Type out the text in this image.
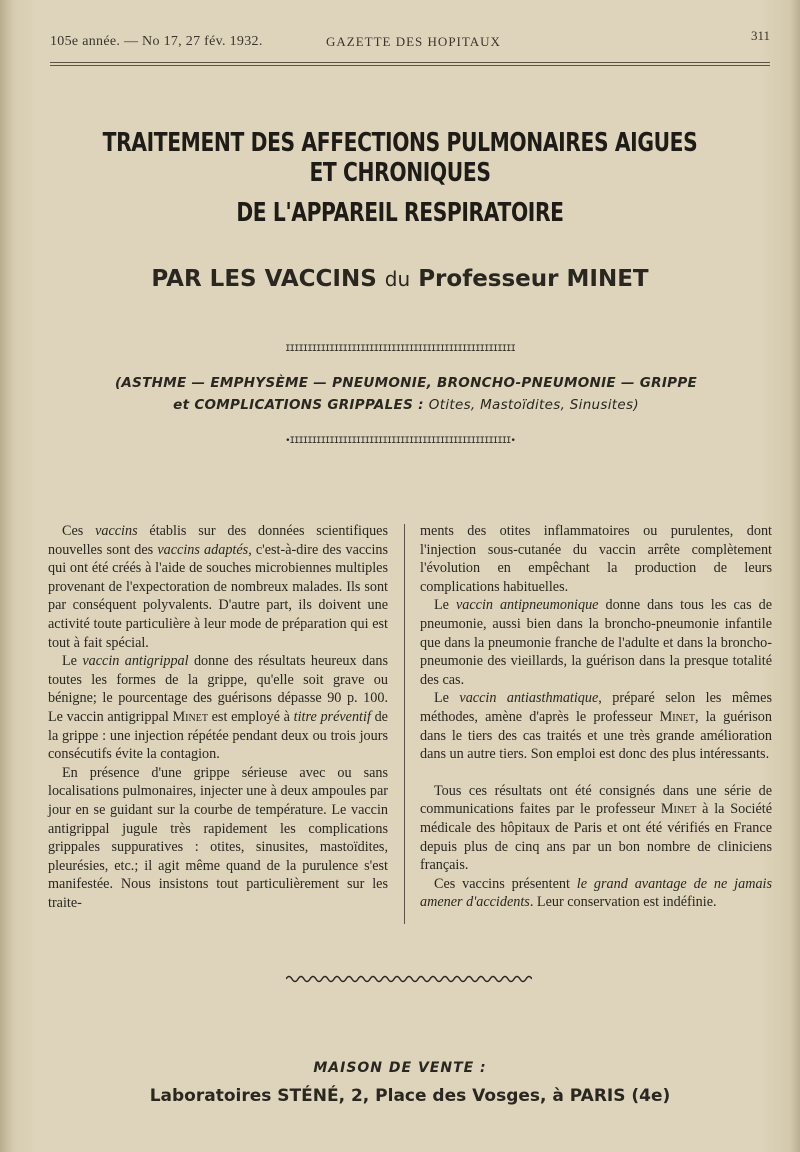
105e année. — No 17, 27 fév. 1932.	GAZETTE DES HOPITAUX	311
TRAITEMENT DES AFFECTIONS PULMONAIRES AIGUES ET CHRONIQUES
DE L'APPAREIL RESPIRATOIRE
PAR LES VACCINS du Professeur MINET
IIIIIIIIIIIIIIIIIIIIIIIIIIIIIIIIIIIIIIIIIIIIIIIIIIII
(ASTHME — EMPHYSÈME — PNEUMONIE, BRONCHO-PNEUMONIE — GRIPPE
et COMPLICATIONS GRIPPALES : Otites, Mastoïdites, Sinusites)
•IIIIIIIIIIIIIIIIIIIIIIIIIIIIIIIIIIIIIIIIIIIIIIIIII•

Ces vaccins établis sur des données scientifiques nouvelles sont des vaccins adaptés, c'est-à-dire des vaccins qui ont été créés à l'aide de souches microbiennes multiples provenant de l'expectoration de nombreux malades. Ils sont par conséquent polyvalents. D'autre part, ils doivent une activité toute particulière à leur mode de préparation qui est tout à fait spécial.

Le vaccin antigrippal donne des résultats heureux dans toutes les formes de la grippe, qu'elle soit grave ou bénigne; le pourcentage des guérisons dépasse 90 p. 100. Le vaccin antigrippal Minet est employé à titre préventif de la grippe : une injection répétée pendant deux ou trois jours consécutifs évite la contagion.

En présence d'une grippe sérieuse avec ou sans localisations pulmonaires, injecter une à deux ampoules par jour en se guidant sur la courbe de température. Le vaccin antigrippal jugule très rapidement les complications grippales suppuratives : otites, sinusites, mastoïdites, pleurésies, etc.; il agit même quand de la purulence s'est manifestée. Nous insistons tout particulièrement sur les traite-

ments des otites inflammatoires ou purulentes, dont l'injection sous-cutanée du vaccin arrête complètement l'évolution en empêchant la production de leurs complications habituelles.

Le vaccin antipneumonique donne dans tous les cas de pneumonie, aussi bien dans la broncho-pneumonie infantile que dans la pneumonie franche de l'adulte et dans la broncho-pneumonie des vieillards, la guérison dans la presque totalité des cas.

Le vaccin antiasthmatique, préparé selon les mêmes méthodes, amène d'après le professeur Minet, la guérison dans le tiers des cas traités et une très grande amélioration dans un autre tiers. Son emploi est donc des plus intéressants.

Tous ces résultats ont été consignés dans une série de communications faites par le professeur Minet à la Société médicale des hôpitaux de Paris et ont été vérifiés en France depuis plus de cinq ans par un bon nombre de cliniciens français.

Ces vaccins présentent le grand avantage de ne jamais amener d'accidents. Leur conservation est indéfinie.

MAISON DE VENTE :
Laboratoires STÉNÉ, 2, Place des Vosges, à PARIS (4e)
